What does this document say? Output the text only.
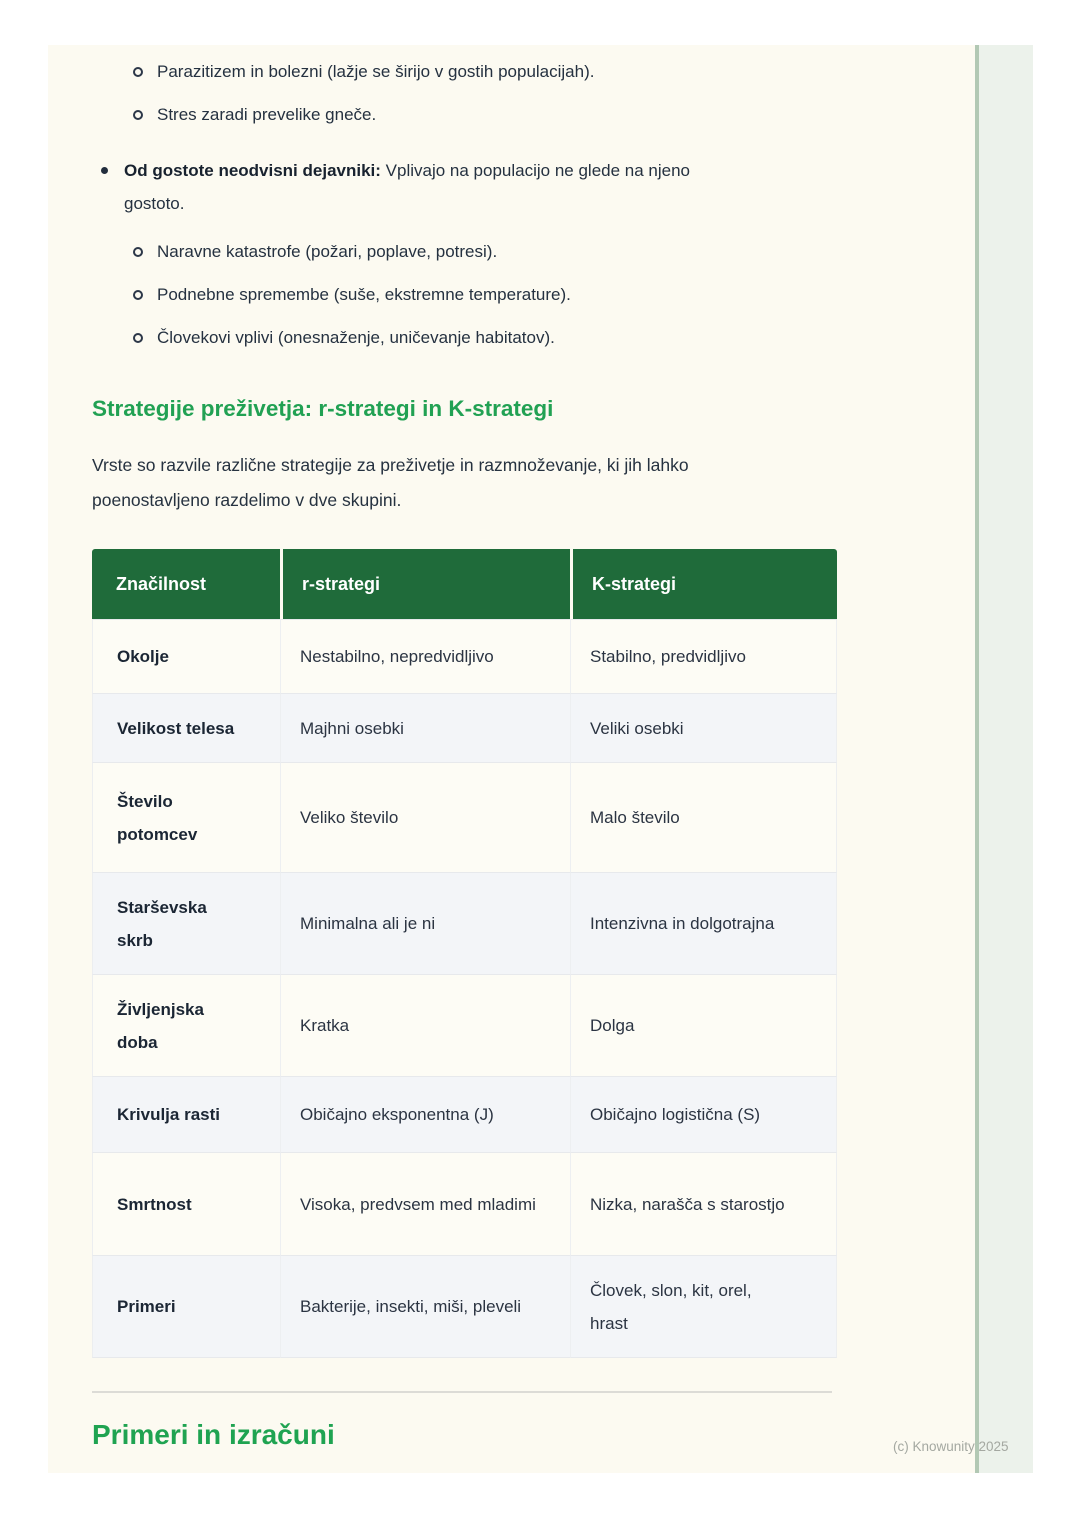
Parazitizem in bolezni (lažje se širijo v gostih populacijah).
Stres zaradi prevelike gneče.
Od gostote neodvisni dejavniki: Vplivajo na populacijo ne glede na njeno
gostoto.
Naravne katastrofe (požari, poplave, potresi).
Podnebne spremembe (suše, ekstremne temperature).
Človekovi vplivi (onesnaženje, uničevanje habitatov).
Strategije preživetja: r-strategi in K-strategi

Vrste so razvile različne strategije za preživetje in razmnoževanje, ki jih lahko
poenostavljeno razdelimo v dve skupini.

Značilnost	r-strategi	K-strategi
Okolje	Nestabilno, nepredvidljivo	Stabilno, predvidljivo
Velikost telesa	Majhni osebki	Veliki osebki
Število potomcev	Veliko število	Malo število
Starševska skrb	Minimalna ali je ni	Intenzivna in dolgotrajna
Življenjska doba	Kratka	Dolga
Krivulja rasti	Običajno eksponentna (J)	Običajno logistična (S)
Smrtnost	Visoka, predvsem med mladimi	Nizka, narašča s starostjo
Primeri	Bakterije, insekti, miši, pleveli	Človek, slon, kit, orel, hrast
Primeri in izračuni	(c) Knowunity 2025
